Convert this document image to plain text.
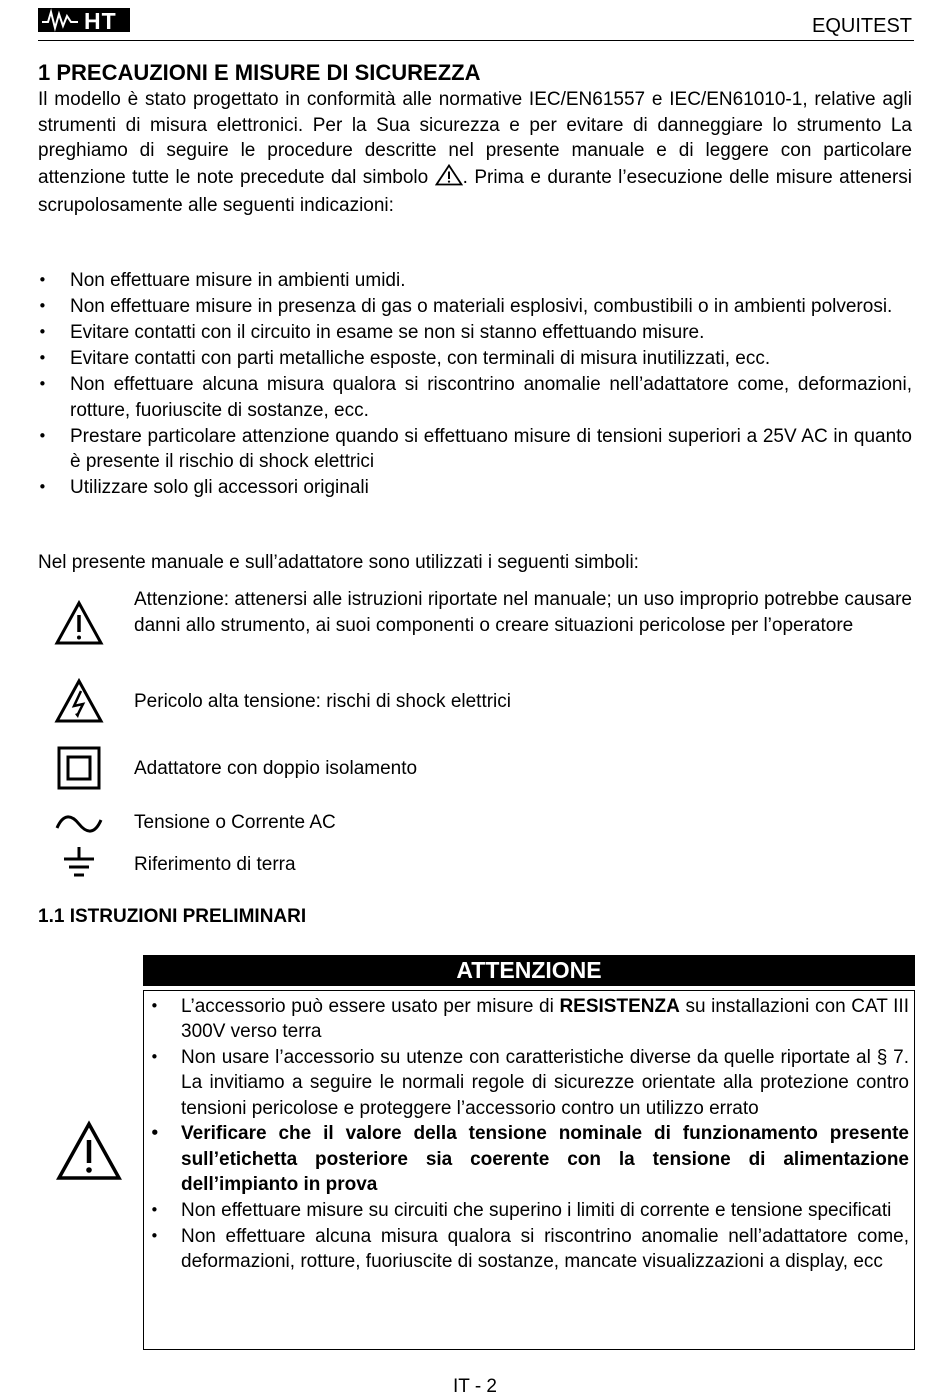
HT	EQUITEST
1 PRECAUZIONI E MISURE DI SICUREZZA
Il modello è stato progettato in conformità alle normative IEC/EN61557 e IEC/EN61010-1, relative agli strumenti di misura elettronici. Per la Sua sicurezza e per evitare di danneggiare lo strumento La preghiamo di seguire le procedure descritte nel presente manuale e di leggere con particolare attenzione tutte le note precedute dal simbolo . Prima e durante l’esecuzione delle misure attenersi scrupolosamente alle seguenti indicazioni:
• Non effettuare misure in ambienti umidi.
• Non effettuare misure in presenza di gas o materiali esplosivi, combustibili o in ambienti polverosi.
• Evitare contatti con il circuito in esame se non si stanno effettuando misure.
• Evitare contatti con parti metalliche esposte, con terminali di misura inutilizzati, ecc.
• Non effettuare alcuna misura qualora si riscontrino anomalie nell’adattatore come, deformazioni, rotture, fuoriuscite di sostanze, ecc.
• Prestare particolare attenzione quando si effettuano misure di tensioni superiori a 25V AC in quanto è presente il rischio di shock elettrici
• Utilizzare solo gli accessori originali
Nel presente manuale e sull’adattatore sono utilizzati i seguenti simboli:
Attenzione: attenersi alle istruzioni riportate nel manuale; un uso improprio potrebbe causare danni allo strumento, ai suoi componenti o creare situazioni pericolose per l’operatore
Pericolo alta tensione: rischi di shock elettrici
Adattatore con doppio isolamento
Tensione o Corrente AC
Riferimento di terra
1.1 ISTRUZIONI PRELIMINARI
ATTENZIONE
• L’accessorio può essere usato per misure di RESISTENZA su installazioni con CAT III 300V verso terra
• Non usare l’accessorio su utenze con caratteristiche diverse da quelle riportate al § 7. La invitiamo a seguire le normali regole di sicurezze orientate alla protezione contro tensioni pericolose e proteggere l’accessorio contro un utilizzo errato
• Verificare che il valore della tensione nominale di funzionamento presente sull’etichetta posteriore sia coerente con la tensione di alimentazione dell’impianto in prova
• Non effettuare misure su circuiti che superino i limiti di corrente e tensione specificati
• Non effettuare alcuna misura qualora si riscontrino anomalie nell’adattatore come, deformazioni, rotture, fuoriuscite di sostanze, mancate visualizzazioni a display, ecc
IT - 2
